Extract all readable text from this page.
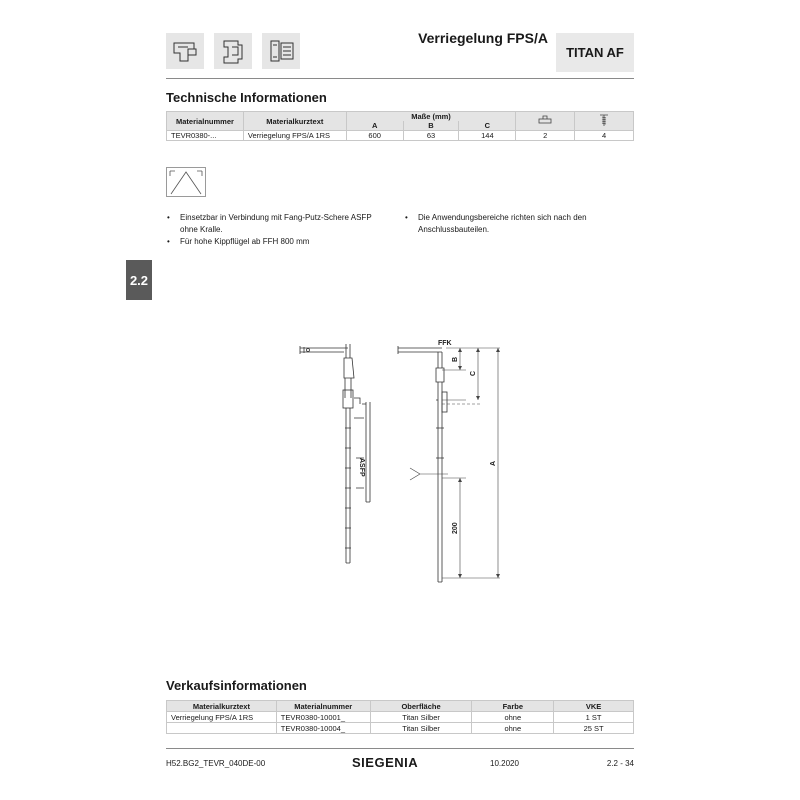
Verriegelung FPS/A
TITAN AF
Technische Informationen
Materialnummer	Materialkurztext	Maße (mm)		
		A	B	C		
TEVR0380-...	Verriegelung FPS/A 1RS	600	63	144	2	4
• Einsetzbar in Verbindung mit Fang-Putz-Schere ASFP ohne Kralle.
• Für hohe Kippflügel ab FFH 800 mm
• Die Anwendungsbereiche richten sich nach den Anschlussbauteilen.
2.2
ASFP
FFK
B
C
A
200
Verkaufsinformationen
Materialkurztext	Materialnummer	Oberfläche	Farbe	VKE
Verriegelung FPS/A 1RS	TEVR0380-10001_	Titan Silber	ohne	1 ST
	TEVR0380-10004_	Titan Silber	ohne	25 ST
H52.BG2_TEVR_040DE-00	SIEGENIA	10.2020	2.2 - 34
